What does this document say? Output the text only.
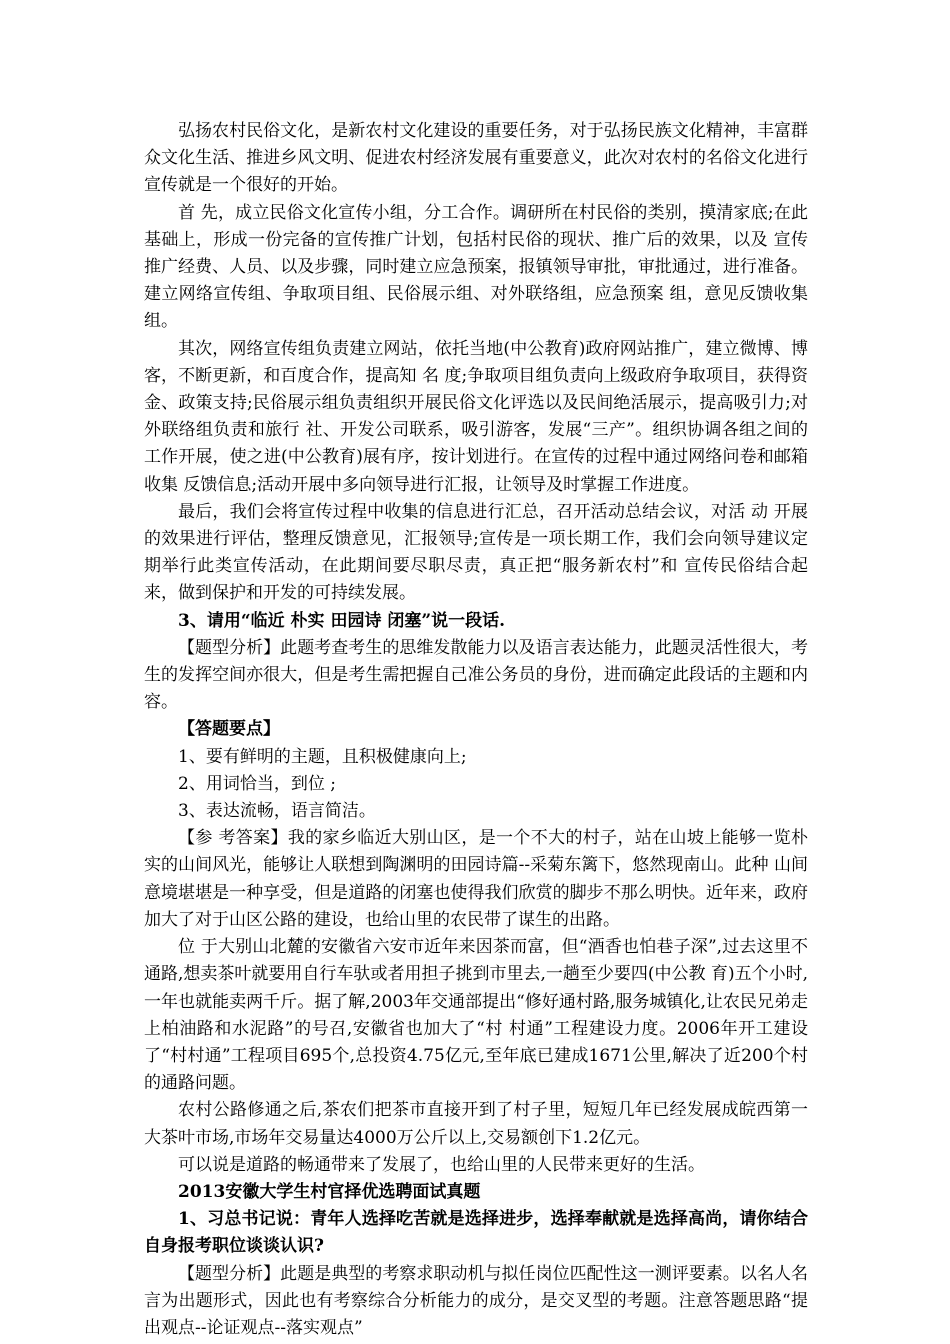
弘扬农村民俗文化，是新农村文化建设的重要任务，对于弘扬民族文化精神，丰富群众文化生活、推进乡风文明、促进农村经济发展有重要意义，此次对农村的名俗文化进行宣传就是一个很好的开始。

首 先，成立民俗文化宣传小组，分工合作。调研所在村民俗的类别，摸清家底;在此基础上，形成一份完备的宣传推广计划，包括村民俗的现状、推广后的效果，以及 宣传推广经费、人员、以及步骤，同时建立应急预案，报镇领导审批，审批通过，进行准备。建立网络宣传组、争取项目组、民俗展示组、对外联络组，应急预案 组，意见反馈收集组。

其次，网络宣传组负责建立网站，依托当地(中公教育)政府网站推广，建立微博、博客，不断更新，和百度合作，提高知 名 度;争取项目组负责向上级政府争取项目，获得资金、政策支持;民俗展示组负责组织开展民俗文化评选以及民间绝活展示，提高吸引力;对外联络组负责和旅行 社、开发公司联系，吸引游客，发展“三产”。组织协调各组之间的工作开展，使之进(中公教育)展有序，按计划进行。在宣传的过程中通过网络问卷和邮箱收集 反馈信息;活动开展中多向领导进行汇报，让领导及时掌握工作进度。

最后，我们会将宣传过程中收集的信息进行汇总，召开活动总结会议，对活 动 开展的效果进行评估，整理反馈意见，汇报领导;宣传是一项长期工作，我们会向领导建议定期举行此类宣传活动，在此期间要尽职尽责，真正把“服务新农村”和 宣传民俗结合起来，做到保护和开发的可持续发展。

3、请用“临近 朴实 田园诗 闭塞”说一段话.

【题型分析】此题考查考生的思维发散能力以及语言表达能力，此题灵活性很大，考生的发挥空间亦很大，但是考生需把握自己准公务员的身份，进而确定此段话的主题和内容。

【答题要点】

1、要有鲜明的主题，且积极健康向上;

2、用词恰当，到位 ;

3、表达流畅，语言简洁。

【参 考答案】我的家乡临近大别山区，是一个不大的村子，站在山坡上能够一览朴实的山间风光，能够让人联想到陶渊明的田园诗篇--采菊东篱下，悠然现南山。此种 山间意境堪堪是一种享受，但是道路的闭塞也使得我们欣赏的脚步不那么明快。近年来，政府加大了对于山区公路的建设，也给山里的农民带了谋生的出路。

位 于大别山北麓的安徽省六安市近年来因茶而富，但“酒香也怕巷子深”,过去这里不通路,想卖茶叶就要用自行车驮或者用担子挑到市里去,一趟至少要四(中公教 育)五个小时,一年也就能卖两千斤。据了解,2003年交通部提出“修好通村路,服务城镇化,让农民兄弟走上柏油路和水泥路”的号召,安徽省也加大了“村 村通”工程建设力度。2006年开工建设了“村村通”工程项目695个,总投资4.75亿元,至年底已建成1671公里,解决了近200个村的通路问题。

农村公路修通之后,茶农们把茶市直接开到了村子里，短短几年已经发展成皖西第一大茶叶市场,市场年交易量达4000万公斤以上,交易额创下1.2亿元。

可以说是道路的畅通带来了发展了，也给山里的人民带来更好的生活。

2013安徽大学生村官择优选聘面试真题

1、习总书记说：青年人选择吃苦就是选择进步，选择奉献就是选择高尚，请你结合自身报考职位谈谈认识?

【题型分析】此题是典型的考察求职动机与拟任岗位匹配性这一测评要素。以名人名言为出题形式，因此也有考察综合分析能力的成分，是交叉型的考题。注意答题思路“提出观点--论证观点--落实观点”
